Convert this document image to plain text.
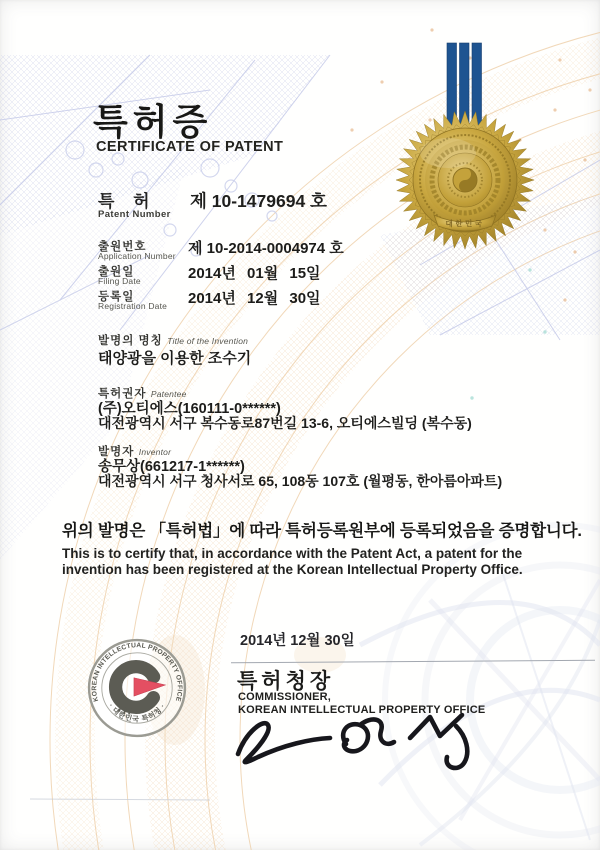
대한민국
특허증
CERTIFICATE OF PATENT
특 허
Patent Number
제 10-1479694 호
출원번호
Application Number 제 10-2014-0004974 호
출원일
Filing Date	2014년 01월 15일
등록일
Registration Date 2014년 12월 30일
발명의 명칭 Title of the Invention
태양광을 이용한 조수기
특허권자 Patentee
(주)오티에스(160111-0******)
대전광역시 서구 복수동로87번길 13-6, 오티에스빌딩 (복수동)
발명자 Inventor
송무상(661217-1******)
대전광역시 서구 청사서로 65, 108동 107호 (월평동, 한아름아파트)
위의 발명은 「특허법」에 따라 특허등록원부에 등록되었음을 증명합니다.
This is to certify that, in accordance with the Patent Act, a patent for the invention has been registered at the Korean Intellectual Property Office.
2014년 12월 30일
특허청장
COMMISSIONER,
KOREAN INTELLECTUAL PROPERTY OFFICE
KOREAN INTELLECTUAL PROPERTY OFFICE
· 대한민국 특허청 ·
